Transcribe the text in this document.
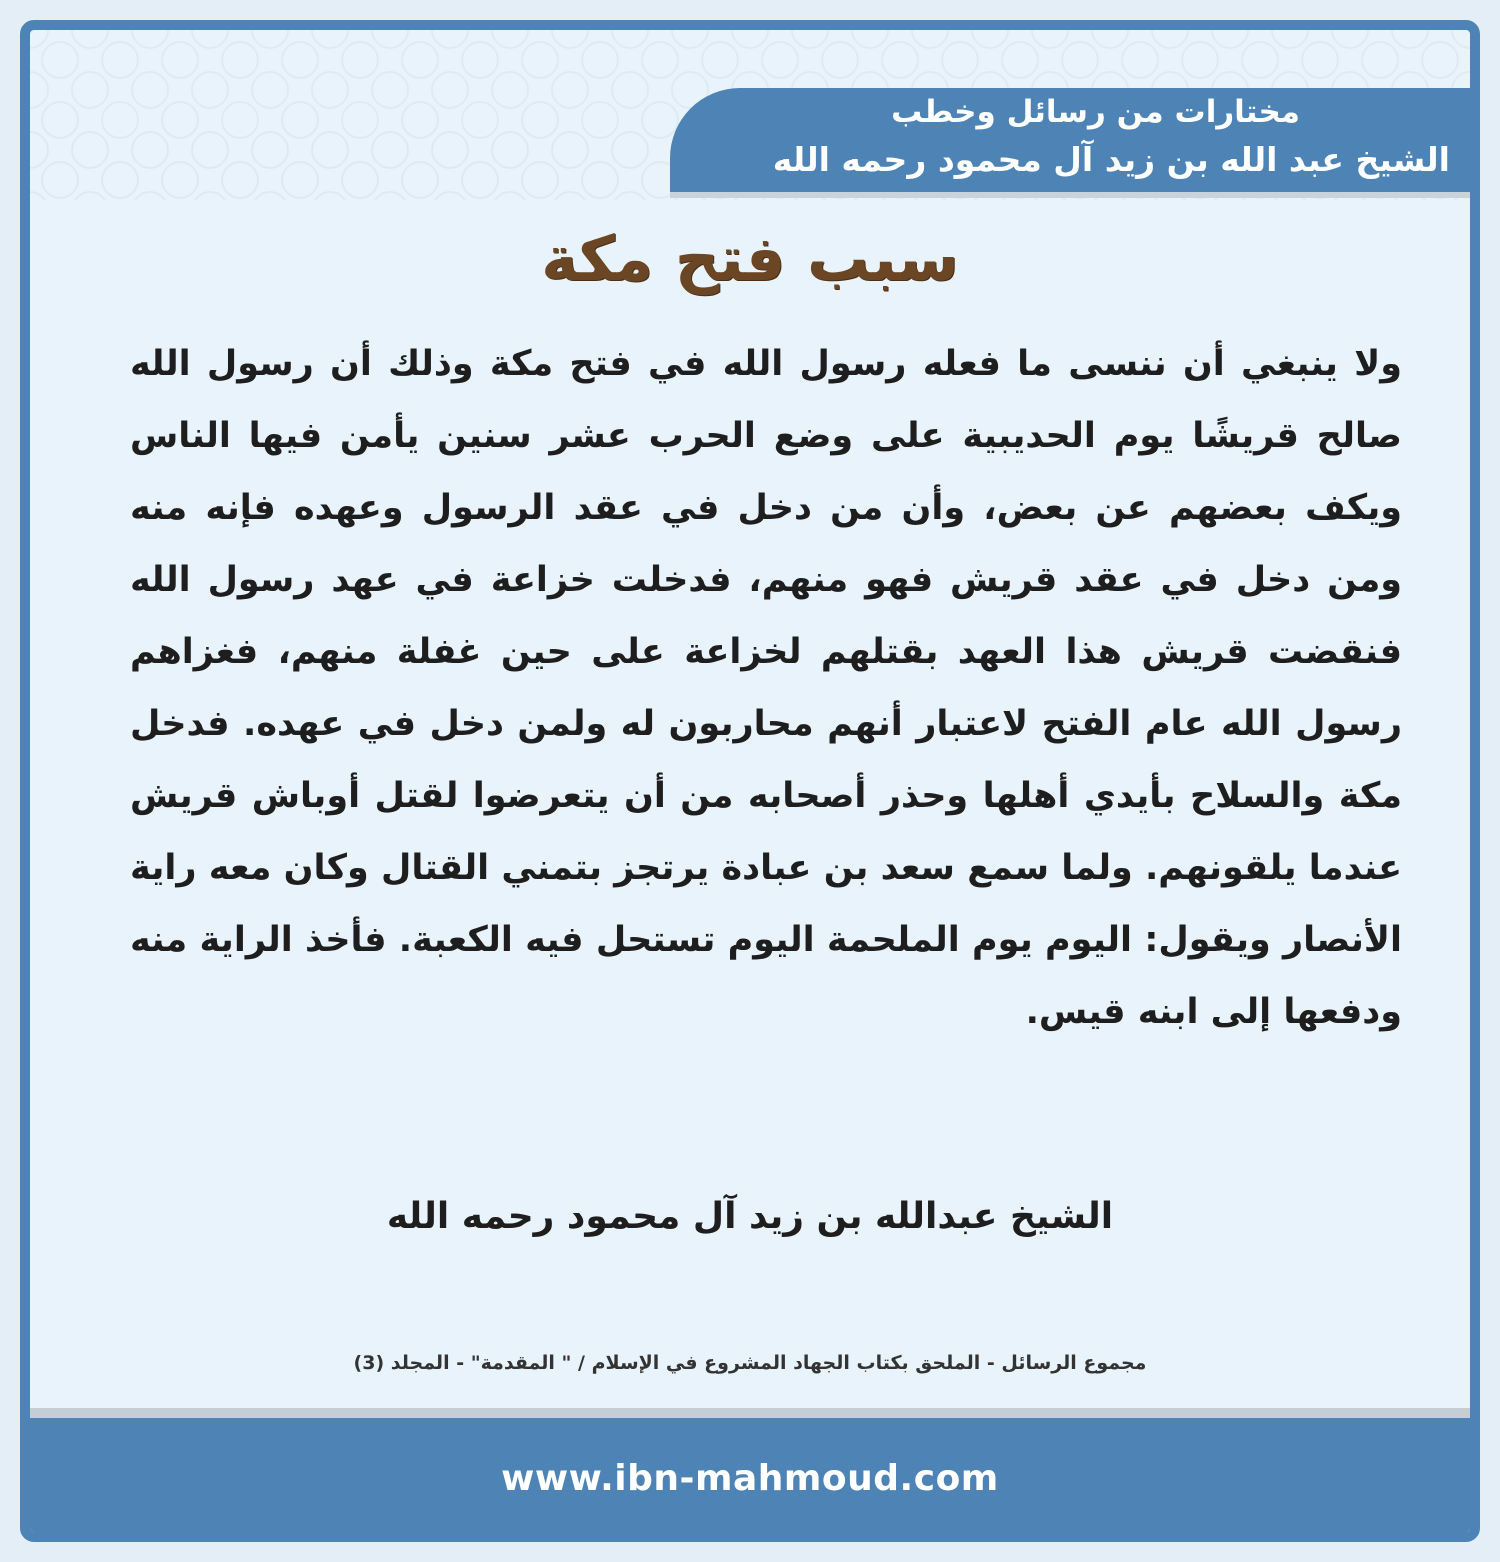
مختارات من رسائل وخطب
الشيخ عبد الله بن زيد آل محمود رحمه الله
سبب فتح مكة
ولا ينبغي أن ننسى ما فعله رسول الله في فتح مكة وذلك أن رسول الله صالح قريشًا يوم الحديبية على وضع الحرب عشر سنين يأمن فيها الناس ويكف بعضهم عن بعض، وأن من دخل في عقد الرسول وعهده فإنه منه ومن دخل في عقد قريش فهو منهم، فدخلت خزاعة في عهد رسول الله فنقضت قريش هذا العهد بقتلهم لخزاعة على حين غفلة منهم، فغزاهم رسول الله عام الفتح لاعتبار أنهم محاربون له ولمن دخل في عهده. فدخل مكة والسلاح بأيدي أهلها وحذر أصحابه من أن يتعرضوا لقتل أوباش قريش عندما يلقونهم. ولما سمع سعد بن عبادة يرتجز بتمني القتال وكان معه راية الأنصار ويقول: اليوم يوم الملحمة اليوم تستحل فيه الكعبة. فأخذ الراية منه ودفعها إلى ابنه قيس.
الشيخ عبدالله بن زيد آل محمود رحمه الله
مجموع الرسائل - الملحق بكتاب الجهاد المشروع في الإسلام / " المقدمة" - المجلد (3)
www.ibn-mahmoud.com
